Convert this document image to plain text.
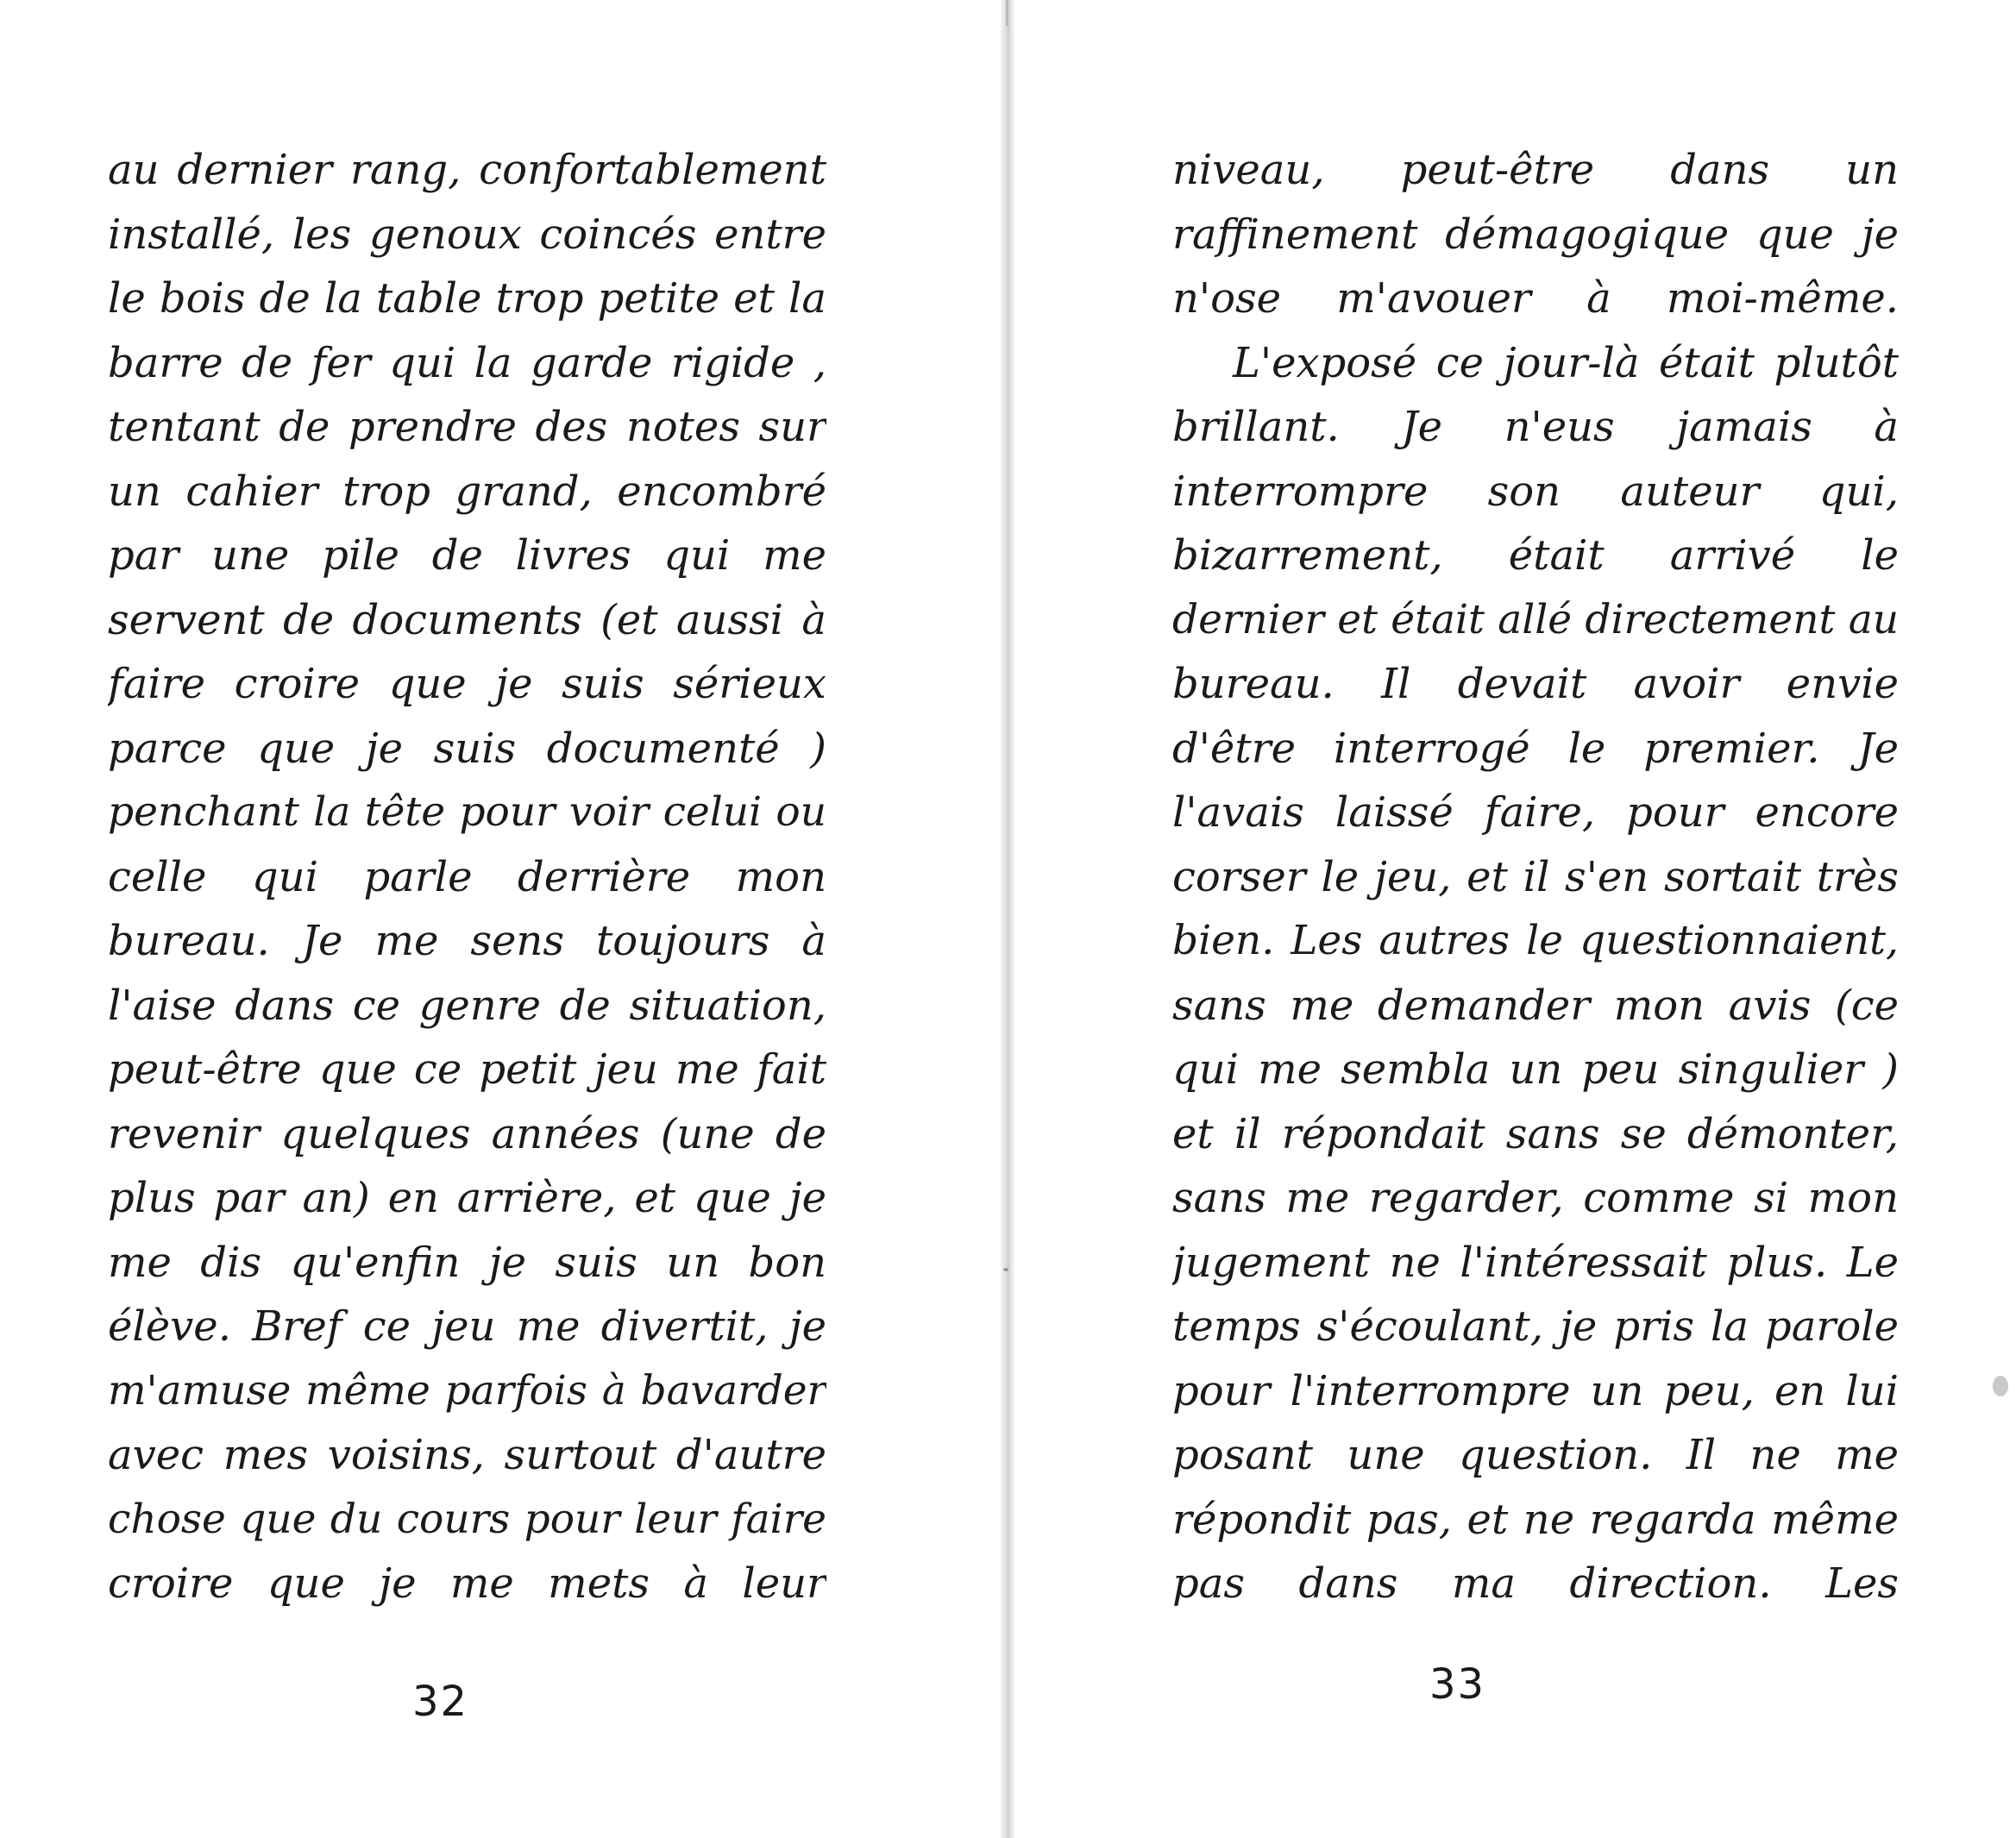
au dernier rang, confortablement
installé, les genoux coincés entre
le bois de la table trop petite et la
barre de fer qui la garde rigide ,
tentant de prendre des notes sur
un cahier trop grand, encombré
par une pile de livres qui me
servent de documents (et aussi à
faire croire que je suis sérieux
parce que je suis documenté )
penchant la tête pour voir celui ou
celle qui parle derrière mon
bureau. Je me sens toujours à
l'aise dans ce genre de situation,
peut-être que ce petit jeu me fait
revenir quelques années (une de
plus par an) en arrière, et que je
me dis qu'enfin je suis un bon
élève. Bref ce jeu me divertit, je
m'amuse même parfois à bavarder
avec mes voisins, surtout d'autre
chose que du cours pour leur faire
croire que je me mets à leur
32
niveau, peut-être dans un
raffinement démagogique que je
n'ose m'avouer à moi-même.
L'exposé ce jour-là était plutôt
brillant. Je n'eus jamais à
interrompre son auteur qui,
bizarrement, était arrivé le
dernier et était allé directement au
bureau. Il devait avoir envie
d'être interrogé le premier. Je
l'avais laissé faire, pour encore
corser le jeu, et il s'en sortait très
bien. Les autres le questionnaient,
sans me demander mon avis (ce
qui me sembla un peu singulier )
et il répondait sans se démonter,
sans me regarder, comme si mon
jugement ne l'intéressait plus. Le
temps s'écoulant, je pris la parole
pour l'interrompre un peu, en lui
posant une question. Il ne me
répondit pas, et ne regarda même
pas dans ma direction. Les
33
